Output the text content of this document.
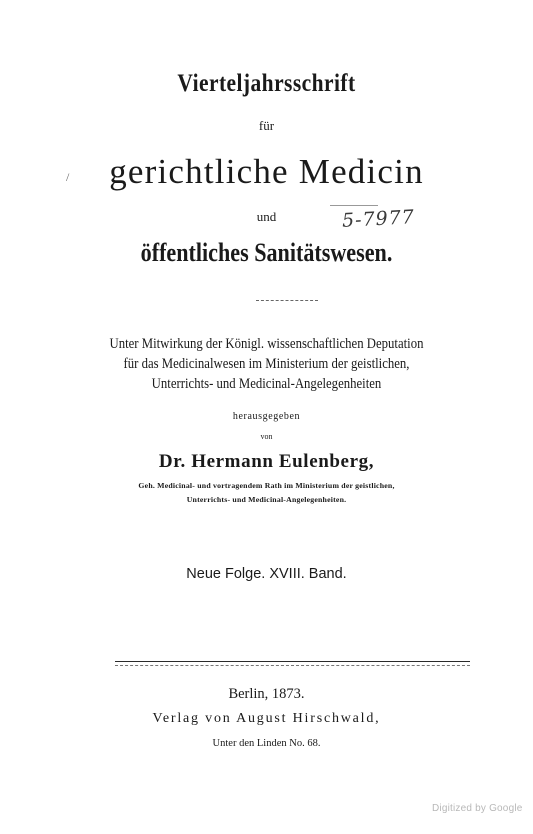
Vierteljahrsschrift
für
gerichtliche Medicin
5-7977
/
und
öffentliches Sanitätswesen.
Unter Mitwirkung der Königl. wissenschaftlichen Deputation
für das Medicinalwesen im Ministerium der geistlichen,
Unterrichts- und Medicinal-Angelegenheiten
herausgegeben
von
Dr. Hermann Eulenberg,
Geh. Medicinal- und vortragendem Rath im Ministerium der geistlichen,
Unterrichts- und Medicinal-Angelegenheiten.
Neue Folge. XVIII. Band.
Berlin, 1873.
Verlag von August Hirschwald,
Unter den Linden No. 68.
Digitized by Google
